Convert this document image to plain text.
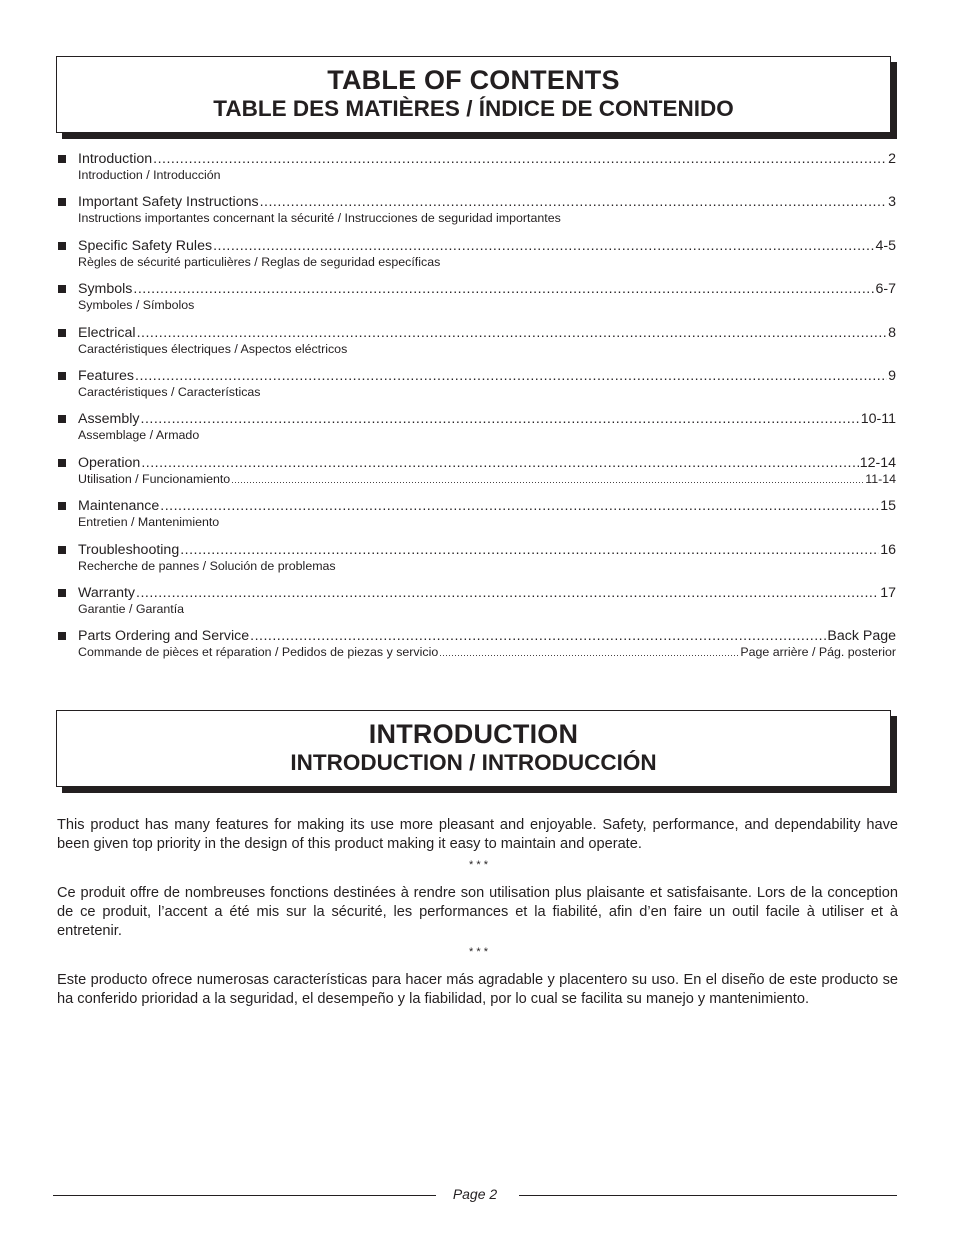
TABLE OF CONTENTS
TABLE DES MATIÈRES / ÍNDICE DE CONTENIDO
Introduction .....	2
Introduction / Introducción
Important Safety Instructions .....	3
Instructions importantes concernant la sécurité / Instrucciones de seguridad importantes
Specific Safety Rules .....	4-5
Règles de sécurité particulières / Reglas de seguridad específicas
Symbols .....	6-7
Symboles / Símbolos
Electrical .....	8
Caractéristiques électriques / Aspectos eléctricos
Features .....	9
Caractéristiques / Características
Assembly .....	10-11
Assemblage / Armado
Operation .....	12-14
Utilisation / Funcionamiento .....	11-14
Maintenance .....	15
Entretien / Mantenimiento
Troubleshooting .....	16
Recherche de pannes / Solución de problemas
Warranty .....	17
Garantie / Garantía
Parts Ordering and Service .....	Back Page
Commande de pièces et réparation / Pedidos de piezas y servicio .....	Page arrière / Pág. posterior
INTRODUCTION
INTRODUCTION / INTRODUCCIÓN

This product has many features for making its use more pleasant and enjoyable. Safety, performance, and dependability have been given top priority in the design of this product making it easy to maintain and operate.

* * *

Ce produit offre de nombreuses fonctions destinées à rendre son utilisation plus plaisante et satisfaisante. Lors de la conception de ce produit, l’accent a été mis sur la sécurité, les performances et la fiabilité, afin d’en faire un outil facile à utiliser et à entretenir.

* * *

Este producto ofrece numerosas características para hacer más agradable y placentero su uso. En el diseño de este producto se ha conferido prioridad a la seguridad, el desempeño y la fiabilidad, por lo cual se facilita su manejo y mantenimiento.

Page 2
